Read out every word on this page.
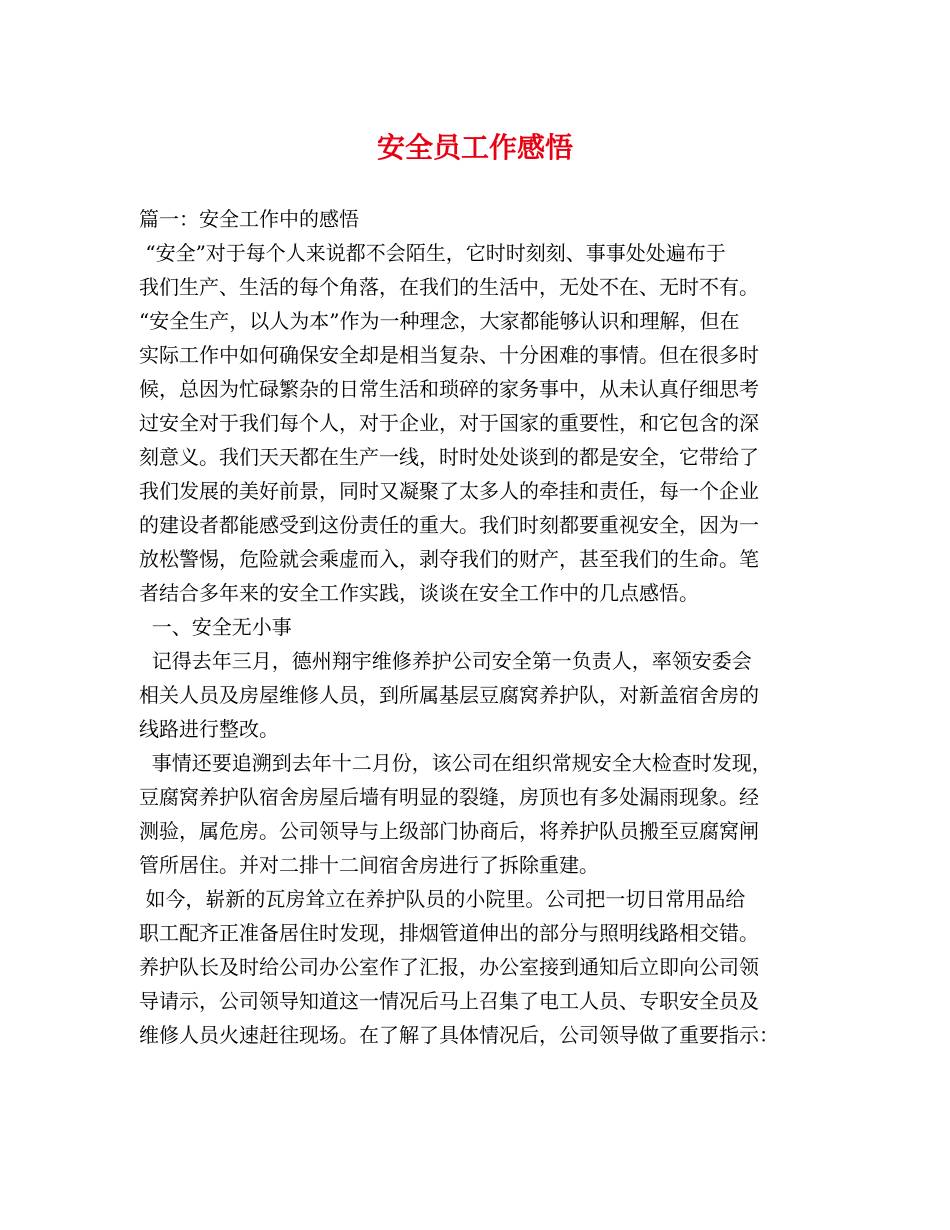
安全员工作感悟
篇一：安全工作中的感悟
“安全”对于每个人来说都不会陌生，它时时刻刻、事事处处遍布于
我们生产、生活的每个角落，在我们的生活中，无处不在、无时不有。
“安全生产，以人为本”作为一种理念，大家都能够认识和理解，但在
实际工作中如何确保安全却是相当复杂、十分困难的事情。但在很多时
候，总因为忙碌繁杂的日常生活和琐碎的家务事中，从未认真仔细思考
过安全对于我们每个人，对于企业，对于国家的重要性，和它包含的深
刻意义。我们天天都在生产一线，时时处处谈到的都是安全，它带给了
我们发展的美好前景，同时又凝聚了太多人的牵挂和责任，每一个企业
的建设者都能感受到这份责任的重大。我们时刻都要重视安全，因为一
放松警惕，危险就会乘虚而入，剥夺我们的财产，甚至我们的生命。笔
者结合多年来的安全工作实践，谈谈在安全工作中的几点感悟。
一、安全无小事
记得去年三月，德州翔宇维修养护公司安全第一负责人，率领安委会
相关人员及房屋维修人员，到所属基层豆腐窝养护队，对新盖宿舍房的
线路进行整改。
事情还要追溯到去年十二月份，该公司在组织常规安全大检查时发现，
豆腐窝养护队宿舍房屋后墙有明显的裂缝，房顶也有多处漏雨现象。经
测验，属危房。公司领导与上级部门协商后，将养护队员搬至豆腐窝闸
管所居住。并对二排十二间宿舍房进行了拆除重建。
如今，崭新的瓦房耸立在养护队员的小院里。公司把一切日常用品给
职工配齐正准备居住时发现，排烟管道伸出的部分与照明线路相交错。
养护队长及时给公司办公室作了汇报，办公室接到通知后立即向公司领
导请示，公司领导知道这一情况后马上召集了电工人员、专职安全员及
维修人员火速赶往现场。在了解了具体情况后，公司领导做了重要指示：
